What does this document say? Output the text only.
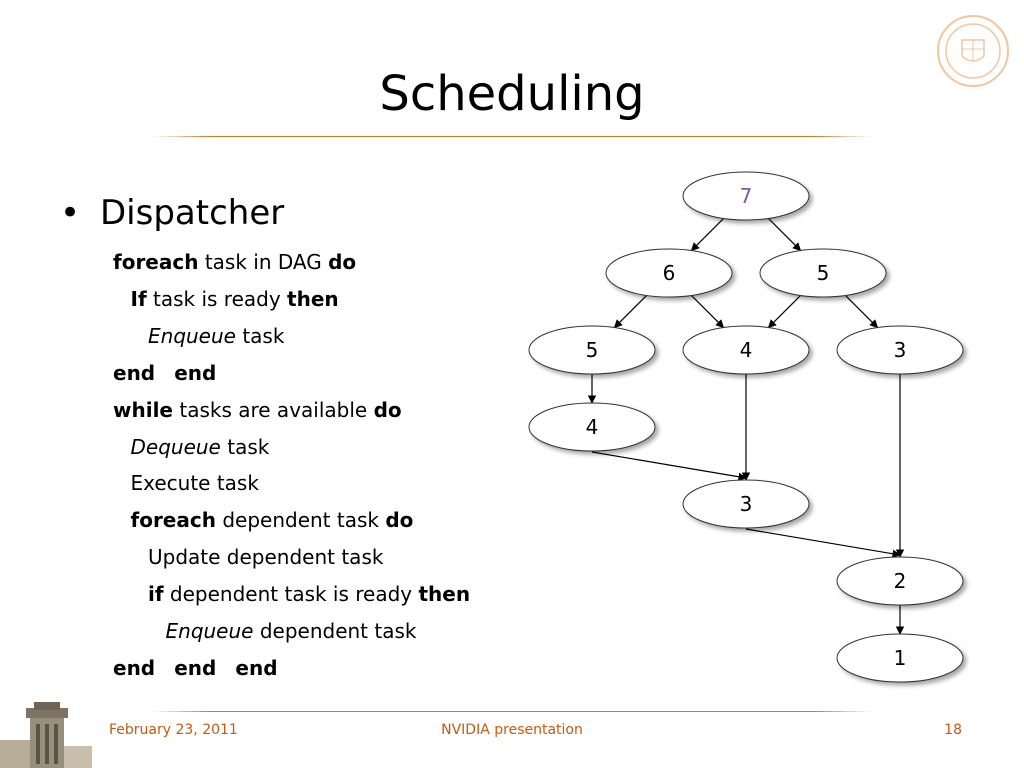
Scheduling
• Dispatcher
foreach task in DAG do
If task is ready then
Enqueue task
end end
while tasks are available do
Dequeue task
Execute task
foreach dependent task do
Update dependent task
if dependent task is ready then
Enqueue dependent task
end end end
7
6	5
5	4	3
4
3
2
1
February 23, 2011	NVIDIA presentation	18
